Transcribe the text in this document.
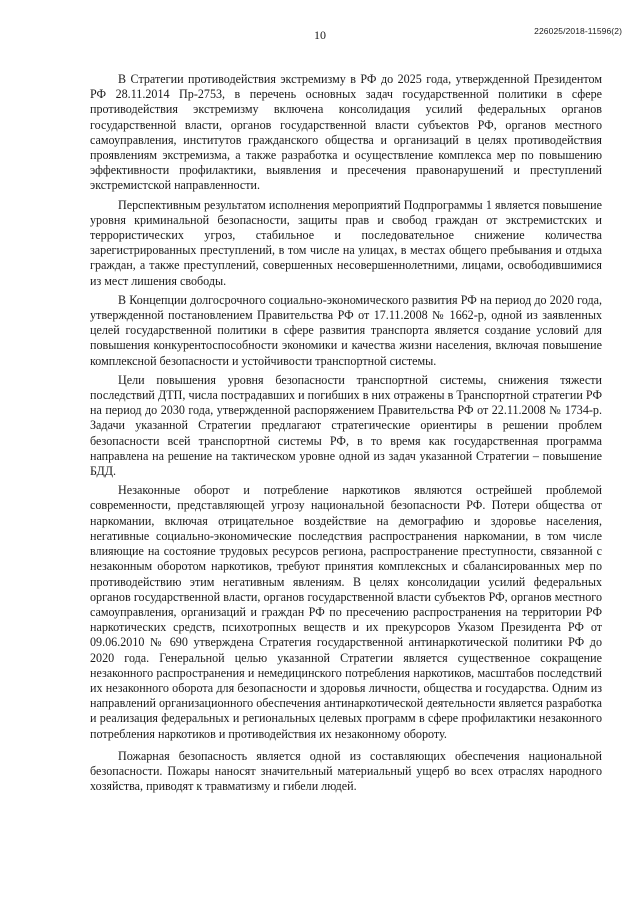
10	226025/2018-11596(2)

В Стратегии противодействия экстремизму в РФ до 2025 года, утвержденной Президентом РФ 28.11.2014 Пр-2753, в перечень основных задач государственной политики в сфере противодействия экстремизму включена консолидация усилий федеральных органов государственной власти, органов государственной власти субъектов РФ, органов местного самоуправления, институтов гражданского общества и организаций в целях противодействия проявлениям экстремизма, а также разработка и осуществление комплекса мер по повышению эффективности профилактики, выявления и пресечения правонарушений и преступлений экстремистской направленности.

Перспективным результатом исполнения мероприятий Подпрограммы 1 является повышение уровня криминальной безопасности, защиты прав и свобод граждан от экстремистских и террористических угроз, стабильное и последовательное снижение количества зарегистрированных преступлений, в том числе на улицах, в местах общего пребывания и отдыха граждан, а также преступлений, совершенных несовершеннолетними, лицами, освободившимися из мест лишения свободы.

В Концепции долгосрочного социально-экономического развития РФ на период до 2020 года, утвержденной постановлением Правительства РФ от 17.11.2008 № 1662-р, одной из заявленных целей государственной политики в сфере развития транспорта является создание условий для повышения конкурентоспособности экономики и качества жизни населения, включая повышение комплексной безопасности и устойчивости транспортной системы.

Цели повышения уровня безопасности транспортной системы, снижения тяжести последствий ДТП, числа пострадавших и погибших в них отражены в Транспортной стратегии РФ на период до 2030 года, утвержденной распоряжением Правительства РФ от 22.11.2008 № 1734-р. Задачи указанной Стратегии предлагают стратегические ориентиры в решении проблем безопасности всей транспортной системы РФ, в то время как государственная программа направлена на решение на тактическом уровне одной из задач указанной Стратегии – повышение БДД.

Незаконные оборот и потребление наркотиков являются острейшей проблемой современности, представляющей угрозу национальной безопасности РФ. Потери общества от наркомании, включая отрицательное воздействие на демографию и здоровье населения, негативные социально-экономические последствия распространения наркомании, в том числе влияющие на состояние трудовых ресурсов региона, распространение преступности, связанной с незаконным оборотом наркотиков, требуют принятия комплексных и сбалансированных мер по противодействию этим негативным явлениям. В целях консолидации усилий федеральных органов государственной власти, органов государственной власти субъектов РФ, органов местного самоуправления, организаций и граждан РФ по пресечению распространения на территории РФ наркотических средств, психотропных веществ и их прекурсоров Указом Президента РФ от 09.06.2010 № 690 утверждена Стратегия государственной антинаркотической политики РФ до 2020 года. Генеральной целью указанной Стратегии является существенное сокращение незаконного распространения и немедицинского потребления наркотиков, масштабов последствий их незаконного оборота для безопасности и здоровья личности, общества и государства. Одним из направлений организационного обеспечения антинаркотической деятельности является разработка и реализация федеральных и региональных целевых программ в сфере профилактики незаконного потребления наркотиков и противодействия их незаконному обороту.

Пожарная безопасность является одной из составляющих обеспечения национальной безопасности. Пожары наносят значительный материальный ущерб во всех отраслях народного хозяйства, приводят к травматизму и гибели людей.
